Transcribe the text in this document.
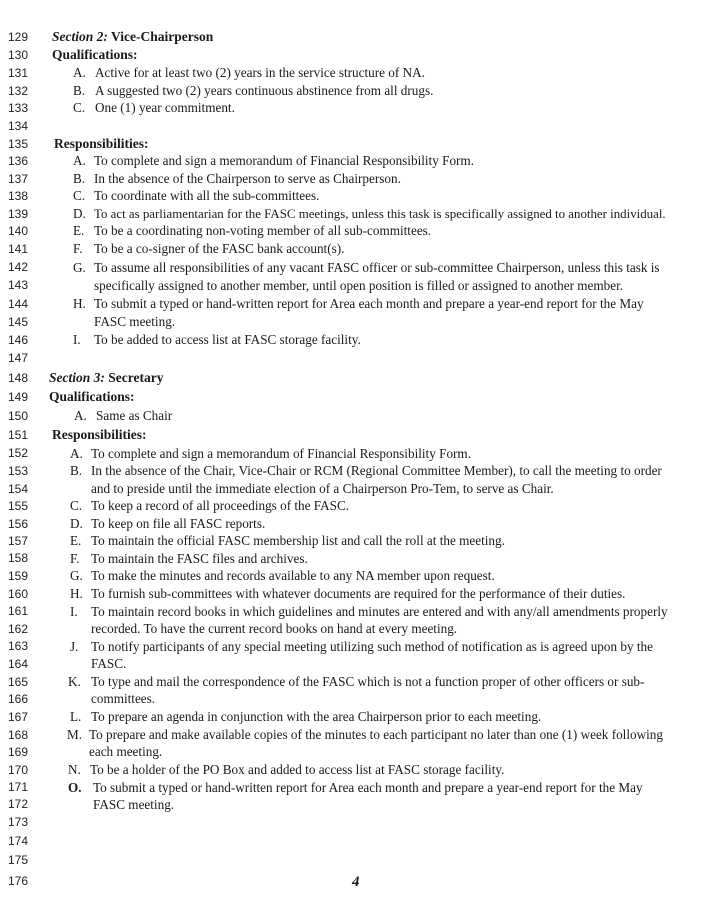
129
130
131
132
133
134
135
136
137
138
139
140
141
142
143
144
145
146
147
148
149
150
151
152
153
154
155
156
157
158
159
160
161
162
163
164
165
166
167
168
169
170
171
172
173
174
175
176
Section 2: Vice-Chairperson
Qualifications:
A. Active for at least two (2) years in the service structure of NA.
B. A suggested two (2) years continuous abstinence from all drugs.
C. One (1) year commitment.
Responsibilities:
A. To complete and sign a memorandum of Financial Responsibility Form.
B. In the absence of the Chairperson to serve as Chairperson.
C. To coordinate with all the sub-committees.
D. To act as parliamentarian for the FASC meetings, unless this task is specifically assigned to another individual.
E. To be a coordinating non-voting member of all sub-committees.
F. To be a co-signer of the FASC bank account(s).
G. To assume all responsibilities of any vacant FASC officer or sub-committee Chairperson, unless this task is
specifically assigned to another member, until open position is filled or assigned to another member.
H. To submit a typed or hand-written report for Area each month and prepare a year-end report for the May
FASC meeting.
I. To be added to access list at FASC storage facility.
Section 3: Secretary
Qualifications:
A. Same as Chair
Responsibilities:
A. To complete and sign a memorandum of Financial Responsibility Form.
B. In the absence of the Chair, Vice-Chair or RCM (Regional Committee Member), to call the meeting to order
and to preside until the immediate election of a Chairperson Pro-Tem, to serve as Chair.
C. To keep a record of all proceedings of the FASC.
D. To keep on file all FASC reports.
E. To maintain the official FASC membership list and call the roll at the meeting.
F. To maintain the FASC files and archives.
G. To make the minutes and records available to any NA member upon request.
H. To furnish sub-committees with whatever documents are required for the performance of their duties.
I. To maintain record books in which guidelines and minutes are entered and with any/all amendments properly
recorded. To have the current record books on hand at every meeting.
J. To notify participants of any special meeting utilizing such method of notification as is agreed upon by the
FASC.
K. To type and mail the correspondence of the FASC which is not a function proper of other officers or sub-
committees.
L. To prepare an agenda in conjunction with the area Chairperson prior to each meeting.
M. To prepare and make available copies of the minutes to each participant no later than one (1) week following
each meeting.
N. To be a holder of the PO Box and added to access list at FASC storage facility.
O. To submit a typed or hand-written report for Area each month and prepare a year-end report for the May
FASC meeting.
4
